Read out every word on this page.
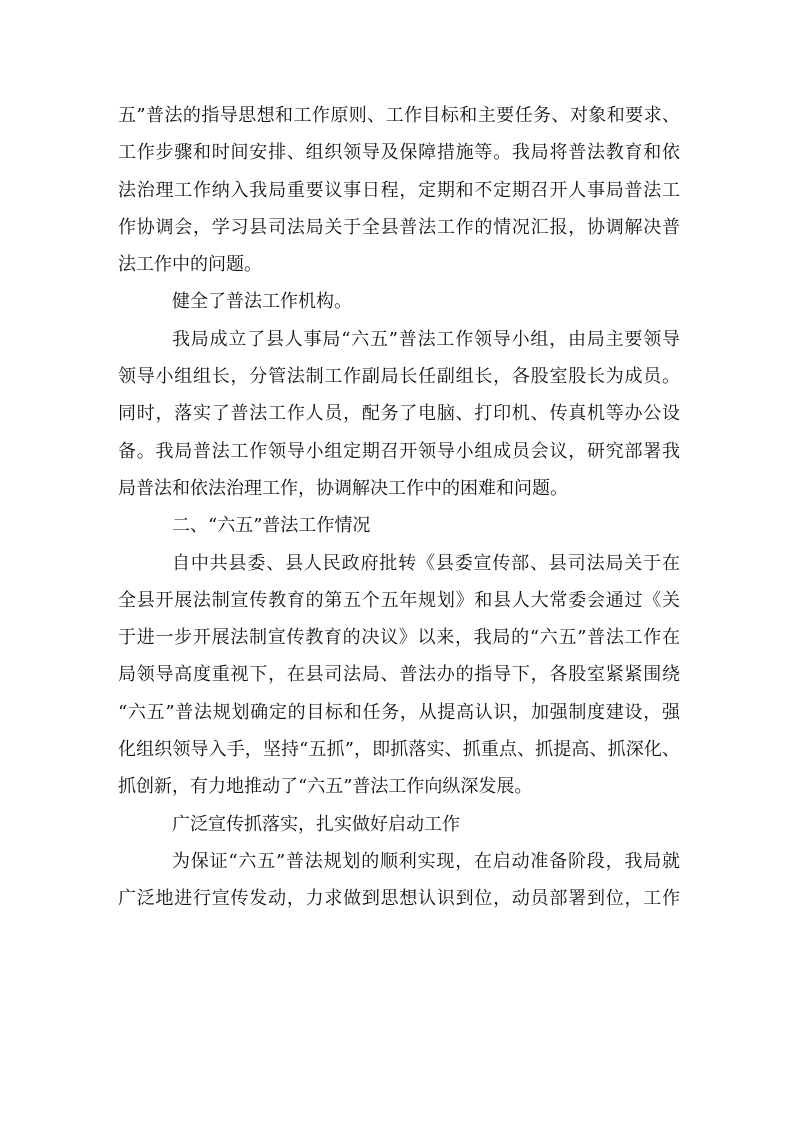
五”普法的指导思想和工作原则、工作目标和主要任务、对象和要求、
工作步骤和时间安排、组织领导及保障措施等。我局将普法教育和依
法治理工作纳入我局重要议事日程，定期和不定期召开人事局普法工
作协调会，学习县司法局关于全县普法工作的情况汇报，协调解决普
法工作中的问题。
健全了普法工作机构。
我局成立了县人事局“六五”普法工作领导小组，由局主要领导
领导小组组长，分管法制工作副局长任副组长，各股室股长为成员。
同时，落实了普法工作人员，配务了电脑、打印机、传真机等办公设
备。我局普法工作领导小组定期召开领导小组成员会议，研究部署我
局普法和依法治理工作，协调解决工作中的困难和问题。
二、“六五”普法工作情况
自中共县委、县人民政府批转《县委宣传部、县司法局关于在
全县开展法制宣传教育的第五个五年规划》和县人大常委会通过《关
于进一步开展法制宣传教育的决议》以来，我局的“六五”普法工作在
局领导高度重视下，在县司法局、普法办的指导下，各股室紧紧围绕
“六五”普法规划确定的目标和任务，从提高认识，加强制度建设，强
化组织领导入手，坚持“五抓”，即抓落实、抓重点、抓提高、抓深化、
抓创新，有力地推动了“六五”普法工作向纵深发展。
广泛宣传抓落实，扎实做好启动工作
为保证“六五”普法规划的顺利实现，在启动准备阶段，我局就
广泛地进行宣传发动，力求做到思想认识到位，动员部署到位，工作
